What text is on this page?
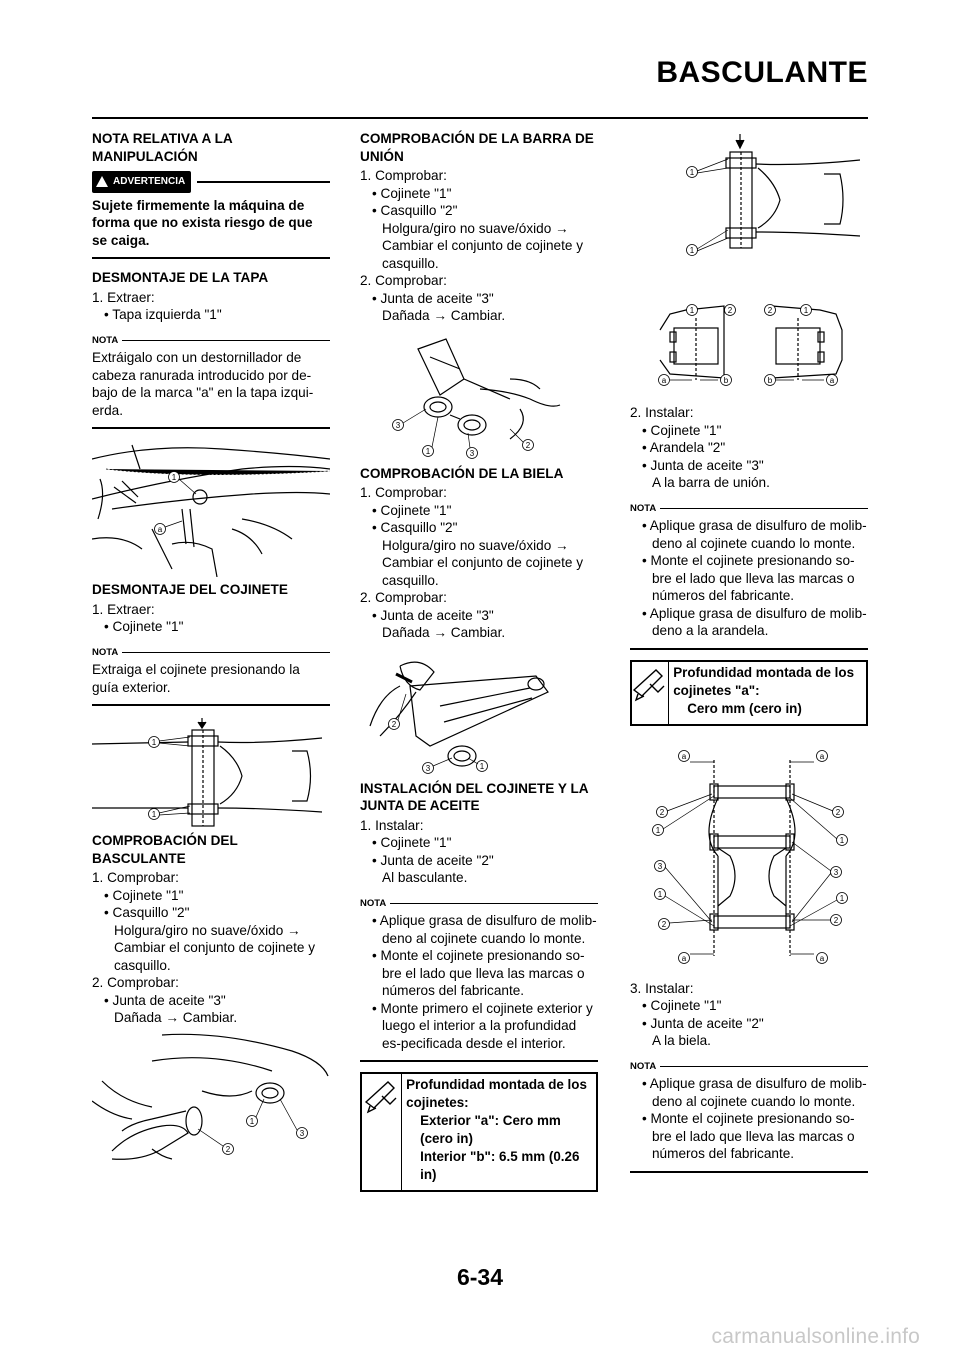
BASCULANTE
NOTA RELATIVA A LA MANIPULACIÓN
ADVERTENCIA
Sujete firmemente la máquina de forma que no exista riesgo de que se caiga.
DESMONTAJE DE LA TAPA
1. Extraer:
• Tapa izquierda "1"
NOTA
Extráigalo con un destornillador de cabeza ranurada introducido por de-bajo de la marca "a" en la tapa izqui-erda.
1
a
DESMONTAJE DEL COJINETE
1. Extraer:
• Cojinete "1"
NOTA
Extraiga el cojinete presionando la guía exterior.
1
1
COMPROBACIÓN DEL BASCULANTE
1. Comprobar:
• Cojinete "1"
• Casquillo "2"
Holgura/giro no suave/óxido →
Cambiar el conjunto de cojinete y casquillo.
2. Comprobar:
• Junta de aceite "3"
Dañada → Cambiar.
1
3
2
COMPROBACIÓN DE LA BARRA DE UNIÓN
1. Comprobar:
• Cojinete "1"
• Casquillo "2"
Holgura/giro no suave/óxido →
Cambiar el conjunto de cojinete y casquillo.
2. Comprobar:
• Junta de aceite "3"
Dañada → Cambiar.
3
1	3
2
COMPROBACIÓN DE LA BIELA
1. Comprobar:
• Cojinete "1"
• Casquillo "2"
Holgura/giro no suave/óxido →
Cambiar el conjunto de cojinete y casquillo.
2. Comprobar:
• Junta de aceite "3"
Dañada → Cambiar.
2
3	1
INSTALACIÓN DEL COJINETE Y LA JUNTA DE ACEITE
1. Instalar:
• Cojinete "1"
• Junta de aceite "2"
Al basculante.
NOTA
• Aplique grasa de disulfuro de molib-deno al cojinete cuando lo monte.
• Monte el cojinete presionando so-bre el lado que lleva las marcas o números del fabricante.
• Monte primero el cojinete exterior y luego el interior a la profundidad es-pecificada desde el interior.
Profundidad montada de los cojinetes:
Exterior "a": Cero mm (cero in)
Interior "b": 6.5 mm (0.26 in)
1
1
1	2	2	1
a	b	b	a
2. Instalar:
• Cojinete "1"
• Arandela "2"
• Junta de aceite "3"
A la barra de unión.
NOTA
• Aplique grasa de disulfuro de molib-deno al cojinete cuando lo monte.
• Monte el cojinete presionando so-bre el lado que lleva las marcas o números del fabricante.
• Aplique grasa de disulfuro de molib-deno a la arandela.
Profundidad montada de los cojinetes "a":
Cero mm (cero in)
a	a
2	2
1
1
3
3
1	1
2	2
a	a
3. Instalar:
• Cojinete "1"
• Junta de aceite "2"
A la biela.
NOTA
• Aplique grasa de disulfuro de molib-deno al cojinete cuando lo monte.
• Monte el cojinete presionando so-bre el lado que lleva las marcas o números del fabricante.
6-34
carmanualsonline.info
